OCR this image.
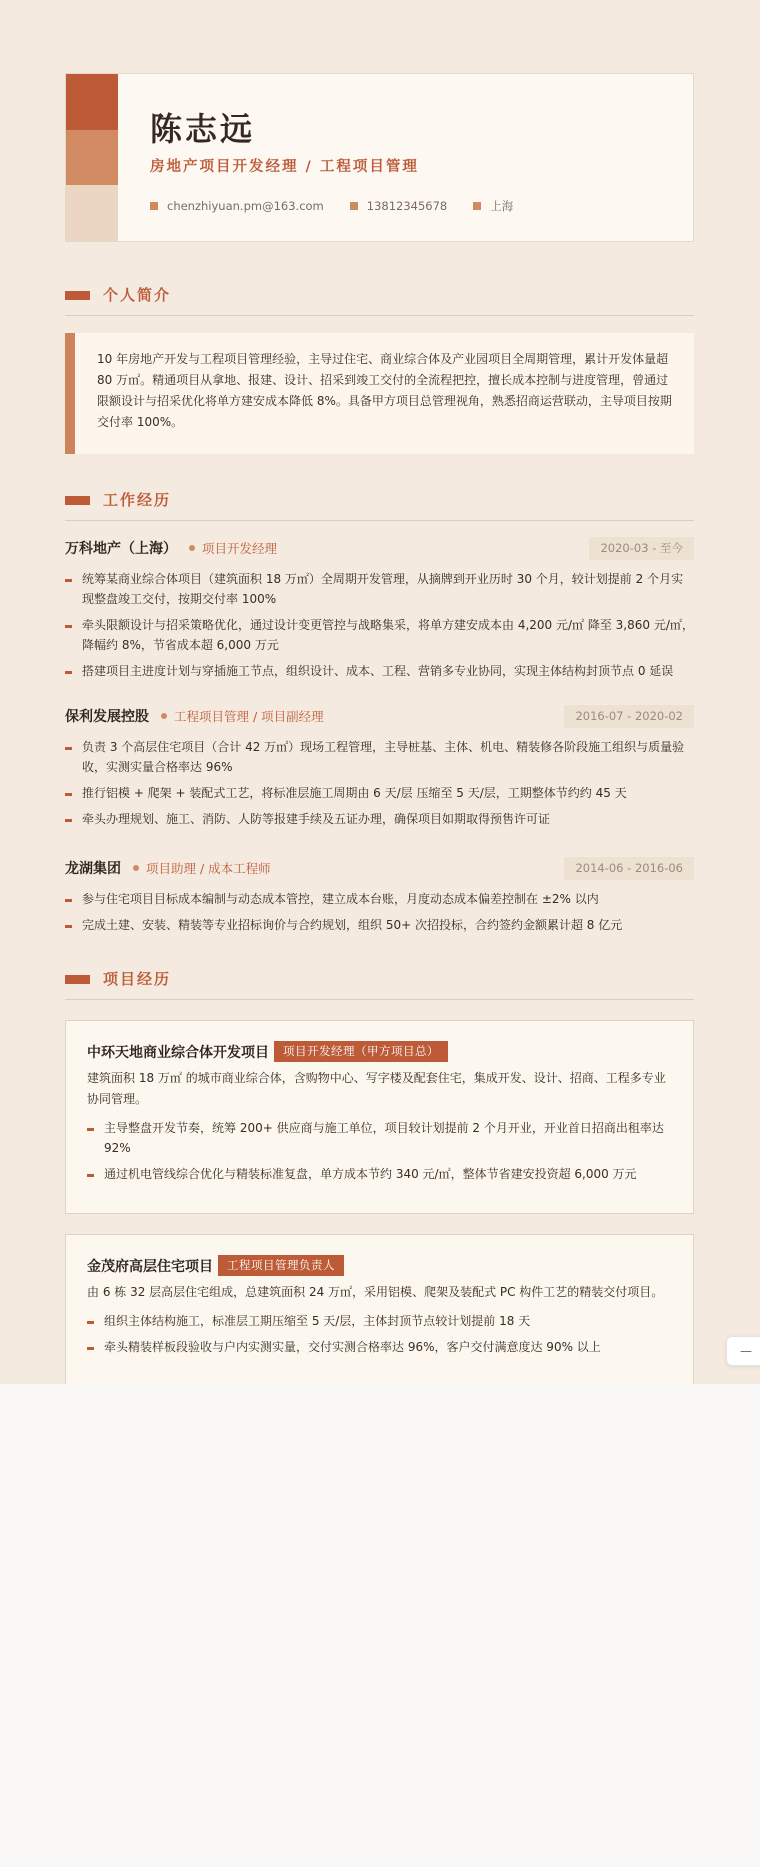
陈志远
房地产项目开发经理 / 工程项目管理
chenzhiyuan.pm@163.com	13812345678	上海
个人简介
10 年房地产开发与工程项目管理经验，主导过住宅、商业综合体及产业园项目全周期管理，累计开发体量超 80 万㎡。精通项目从拿地、报建、设计、招采到竣工交付的全流程把控，擅长成本控制与进度管理，曾通过限额设计与招采优化将单方建安成本降低 8%。具备甲方项目总管理视角，熟悉招商运营联动，主导项目按期交付率 100%。
工作经历
万科地产（上海） 项目开发经理	2020-03 - 至今
统筹某商业综合体项目（建筑面积 18 万㎡）全周期开发管理，从摘牌到开业历时 30 个月，较计划提前 2 个月实现整盘竣工交付，按期交付率 100%
牵头限额设计与招采策略优化，通过设计变更管控与战略集采，将单方建安成本由 4,200 元/㎡ 降至 3,860 元/㎡，降幅约 8%，节省成本超 6,000 万元
搭建项目主进度计划与穿插施工节点，组织设计、成本、工程、营销多专业协同，实现主体结构封顶节点 0 延误
保利发展控股 工程项目管理 / 项目副经理	2016-07 - 2020-02
负责 3 个高层住宅项目（合计 42 万㎡）现场工程管理，主导桩基、主体、机电、精装修各阶段施工组织与质量验收，实测实量合格率达 96%
推行铝模 + 爬架 + 装配式工艺，将标准层施工周期由 6 天/层 压缩至 5 天/层，工期整体节约约 45 天
牵头办理规划、施工、消防、人防等报建手续及五证办理，确保项目如期取得预售许可证
龙湖集团 项目助理 / 成本工程师	2014-06 - 2016-06
参与住宅项目目标成本编制与动态成本管控，建立成本台账，月度动态成本偏差控制在 ±2% 以内
完成土建、安装、精装等专业招标询价与合约规划，组织 50+ 次招投标，合约签约金额累计超 8 亿元
项目经历
中环天地商业综合体开发项目	项目开发经理（甲方项目总）
建筑面积 18 万㎡ 的城市商业综合体，含购物中心、写字楼及配套住宅，集成开发、设计、招商、工程多专业协同管理。
主导整盘开发节奏，统筹 200+ 供应商与施工单位，项目较计划提前 2 个月开业，开业首日招商出租率达 92%
通过机电管线综合优化与精装标准复盘，单方成本节约 340 元/㎡，整体节省建安投资超 6,000 万元
金茂府高层住宅项目	工程项目管理负责人
由 6 栋 32 层高层住宅组成，总建筑面积 24 万㎡，采用铝模、爬架及装配式 PC 构件工艺的精装交付项目。
组织主体结构施工，标准层工期压缩至 5 天/层，主体封顶节点较计划提前 18 天
牵头精装样板段验收与户内实测实量，交付实测合格率达 96%，客户交付满意度达 90% 以上	—
